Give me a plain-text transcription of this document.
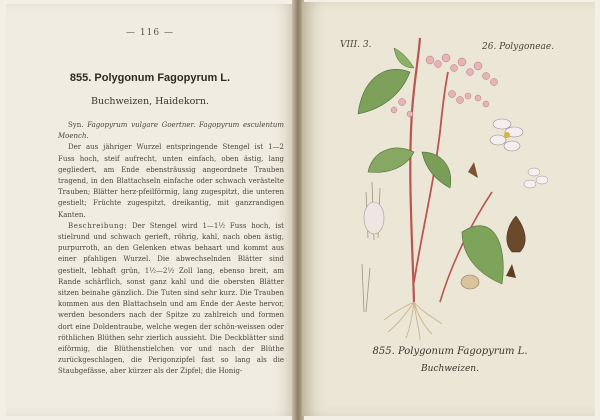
— 116 —
855. Polygonum Fagopyrum L.
Buchweizen, Haidekorn.

Syn. Fagopyrum vulgare Goertner. Fagopyrum esculentum Moench.

Der aus jähriger Wurzel entspringende Stengel ist 1—2 Fuss hoch, steif aufrecht, unten einfach, oben ästig, lang gegliedert, am Ende ebensträussig angeordnete Trauben tragend, in den Blattachseln einfache oder schwach verästelte Trauben; Blätter herz-pfeilförmig, lang zugespitzt, die unteren gestielt; Früchte zugespitzt, dreikantig, mit ganzrandigen Kanten.

Beschreibung: Der Stengel wird 1—1½ Fuss hoch, ist stielrund und schwach gerieft, röhrig, kahl, nach oben ästig, purpurroth, an den Gelenken etwas behaart und kommt aus einer pfahligen Wurzel. Die abwechselnden Blätter sind gestielt, lebhaft grün, 1½—2½ Zoll lang, ebenso breit, am Rande schärflich, sonst ganz kahl und die obersten Blätter sitzen beinahe gänzlich. Die Tuten sind sehr kurz. Die Trauben kommen aus den Blattachseln und am Ende der Aeste hervor, werden besonders nach der Spitze zu zahlreich und formen dort eine Doldentraube, welche wegen der schön-weissen oder röthlichen Blüthen sehr zierlich aussieht. Die Deckblätter sind eiförmig, die Blüthenstielchen vor und nach der Blüthe zurückgeschlagen, die Perigonzipfel fast so lang als die Staubgefässe, aber kürzer als der Zipfel; die Honig-

VIII. 3.	26. Polygoneae.
855. Polygonum Fagopyrum L.
Buchweizen.
